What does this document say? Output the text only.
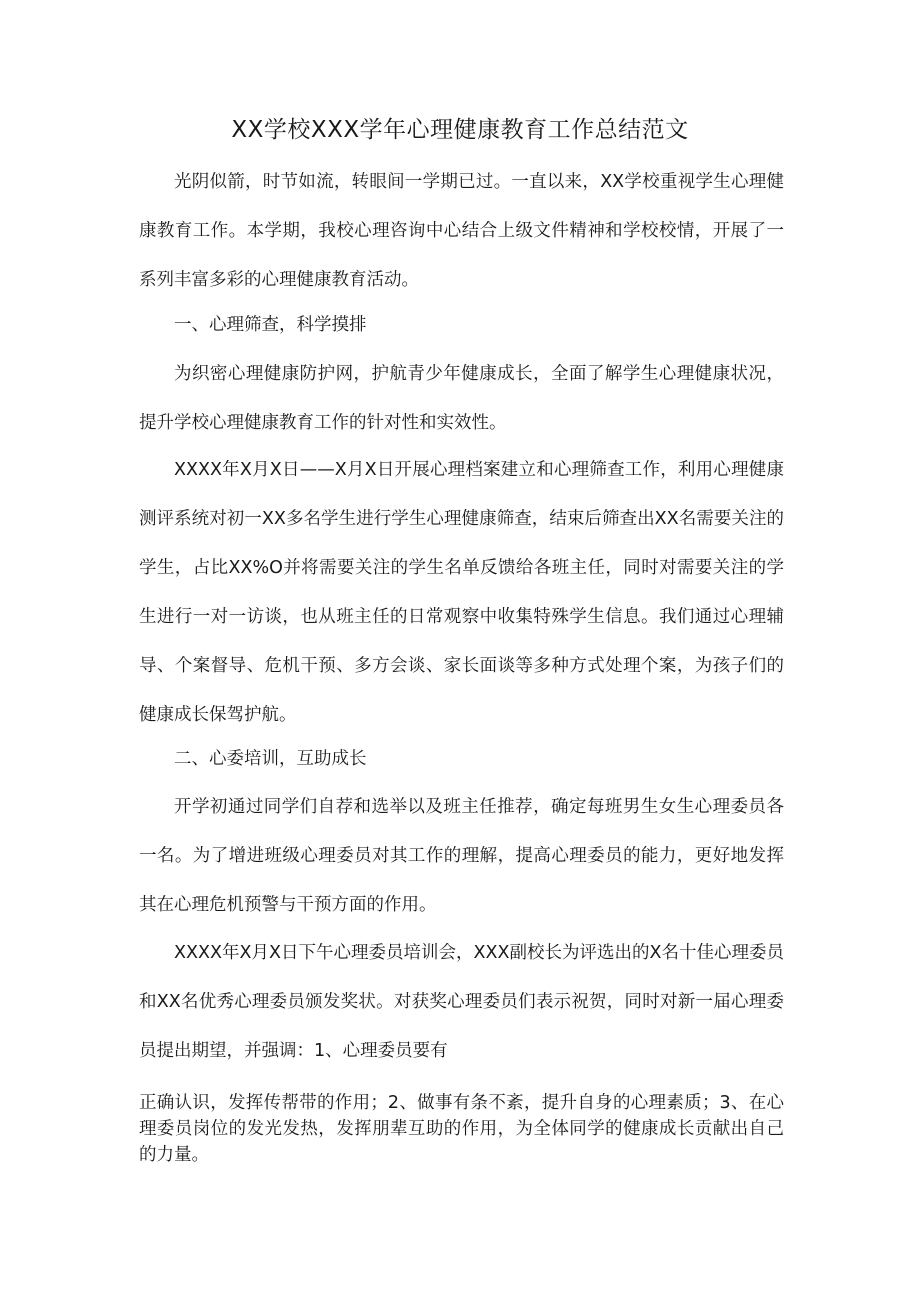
XX学校XXX学年心理健康教育工作总结范文

光阴似箭，时节如流，转眼间一学期已过。一直以来，XX学校重视学生心理健康教育工作。本学期，我校心理咨询中心结合上级文件精神和学校校情，开展了一系列丰富多彩的心理健康教育活动。

一、心理筛查，科学摸排

为织密心理健康防护网，护航青少年健康成长，全面了解学生心理健康状况，提升学校心理健康教育工作的针对性和实效性。

XXXX年X月X日——X月X日开展心理档案建立和心理筛查工作，利用心理健康测评系统对初一XX多名学生进行学生心理健康筛查，结束后筛查出XX名需要关注的学生，占比XX%O并将需要关注的学生名单反馈给各班主任，同时对需要关注的学生进行一对一访谈，也从班主任的日常观察中收集特殊学生信息。我们通过心理辅导、个案督导、危机干预、多方会谈、家长面谈等多种方式处理个案，为孩子们的健康成长保驾护航。

二、心委培训，互助成长

开学初通过同学们自荐和选举以及班主任推荐，确定每班男生女生心理委员各一名。为了增进班级心理委员对其工作的理解，提高心理委员的能力，更好地发挥其在心理危机预警与干预方面的作用。

XXXX年X月X日下午心理委员培训会，XXX副校长为评选出的X名十佳心理委员和XX名优秀心理委员颁发奖状。对获奖心理委员们表示祝贺，同时对新一届心理委员提出期望，并强调：1、心理委员要有

正确认识，发挥传帮带的作用；2、做事有条不紊，提升自身的心理素质；3、在心理委员岗位的发光发热，发挥朋辈互助的作用，为全体同学的健康成长贡献出自己的力量。
